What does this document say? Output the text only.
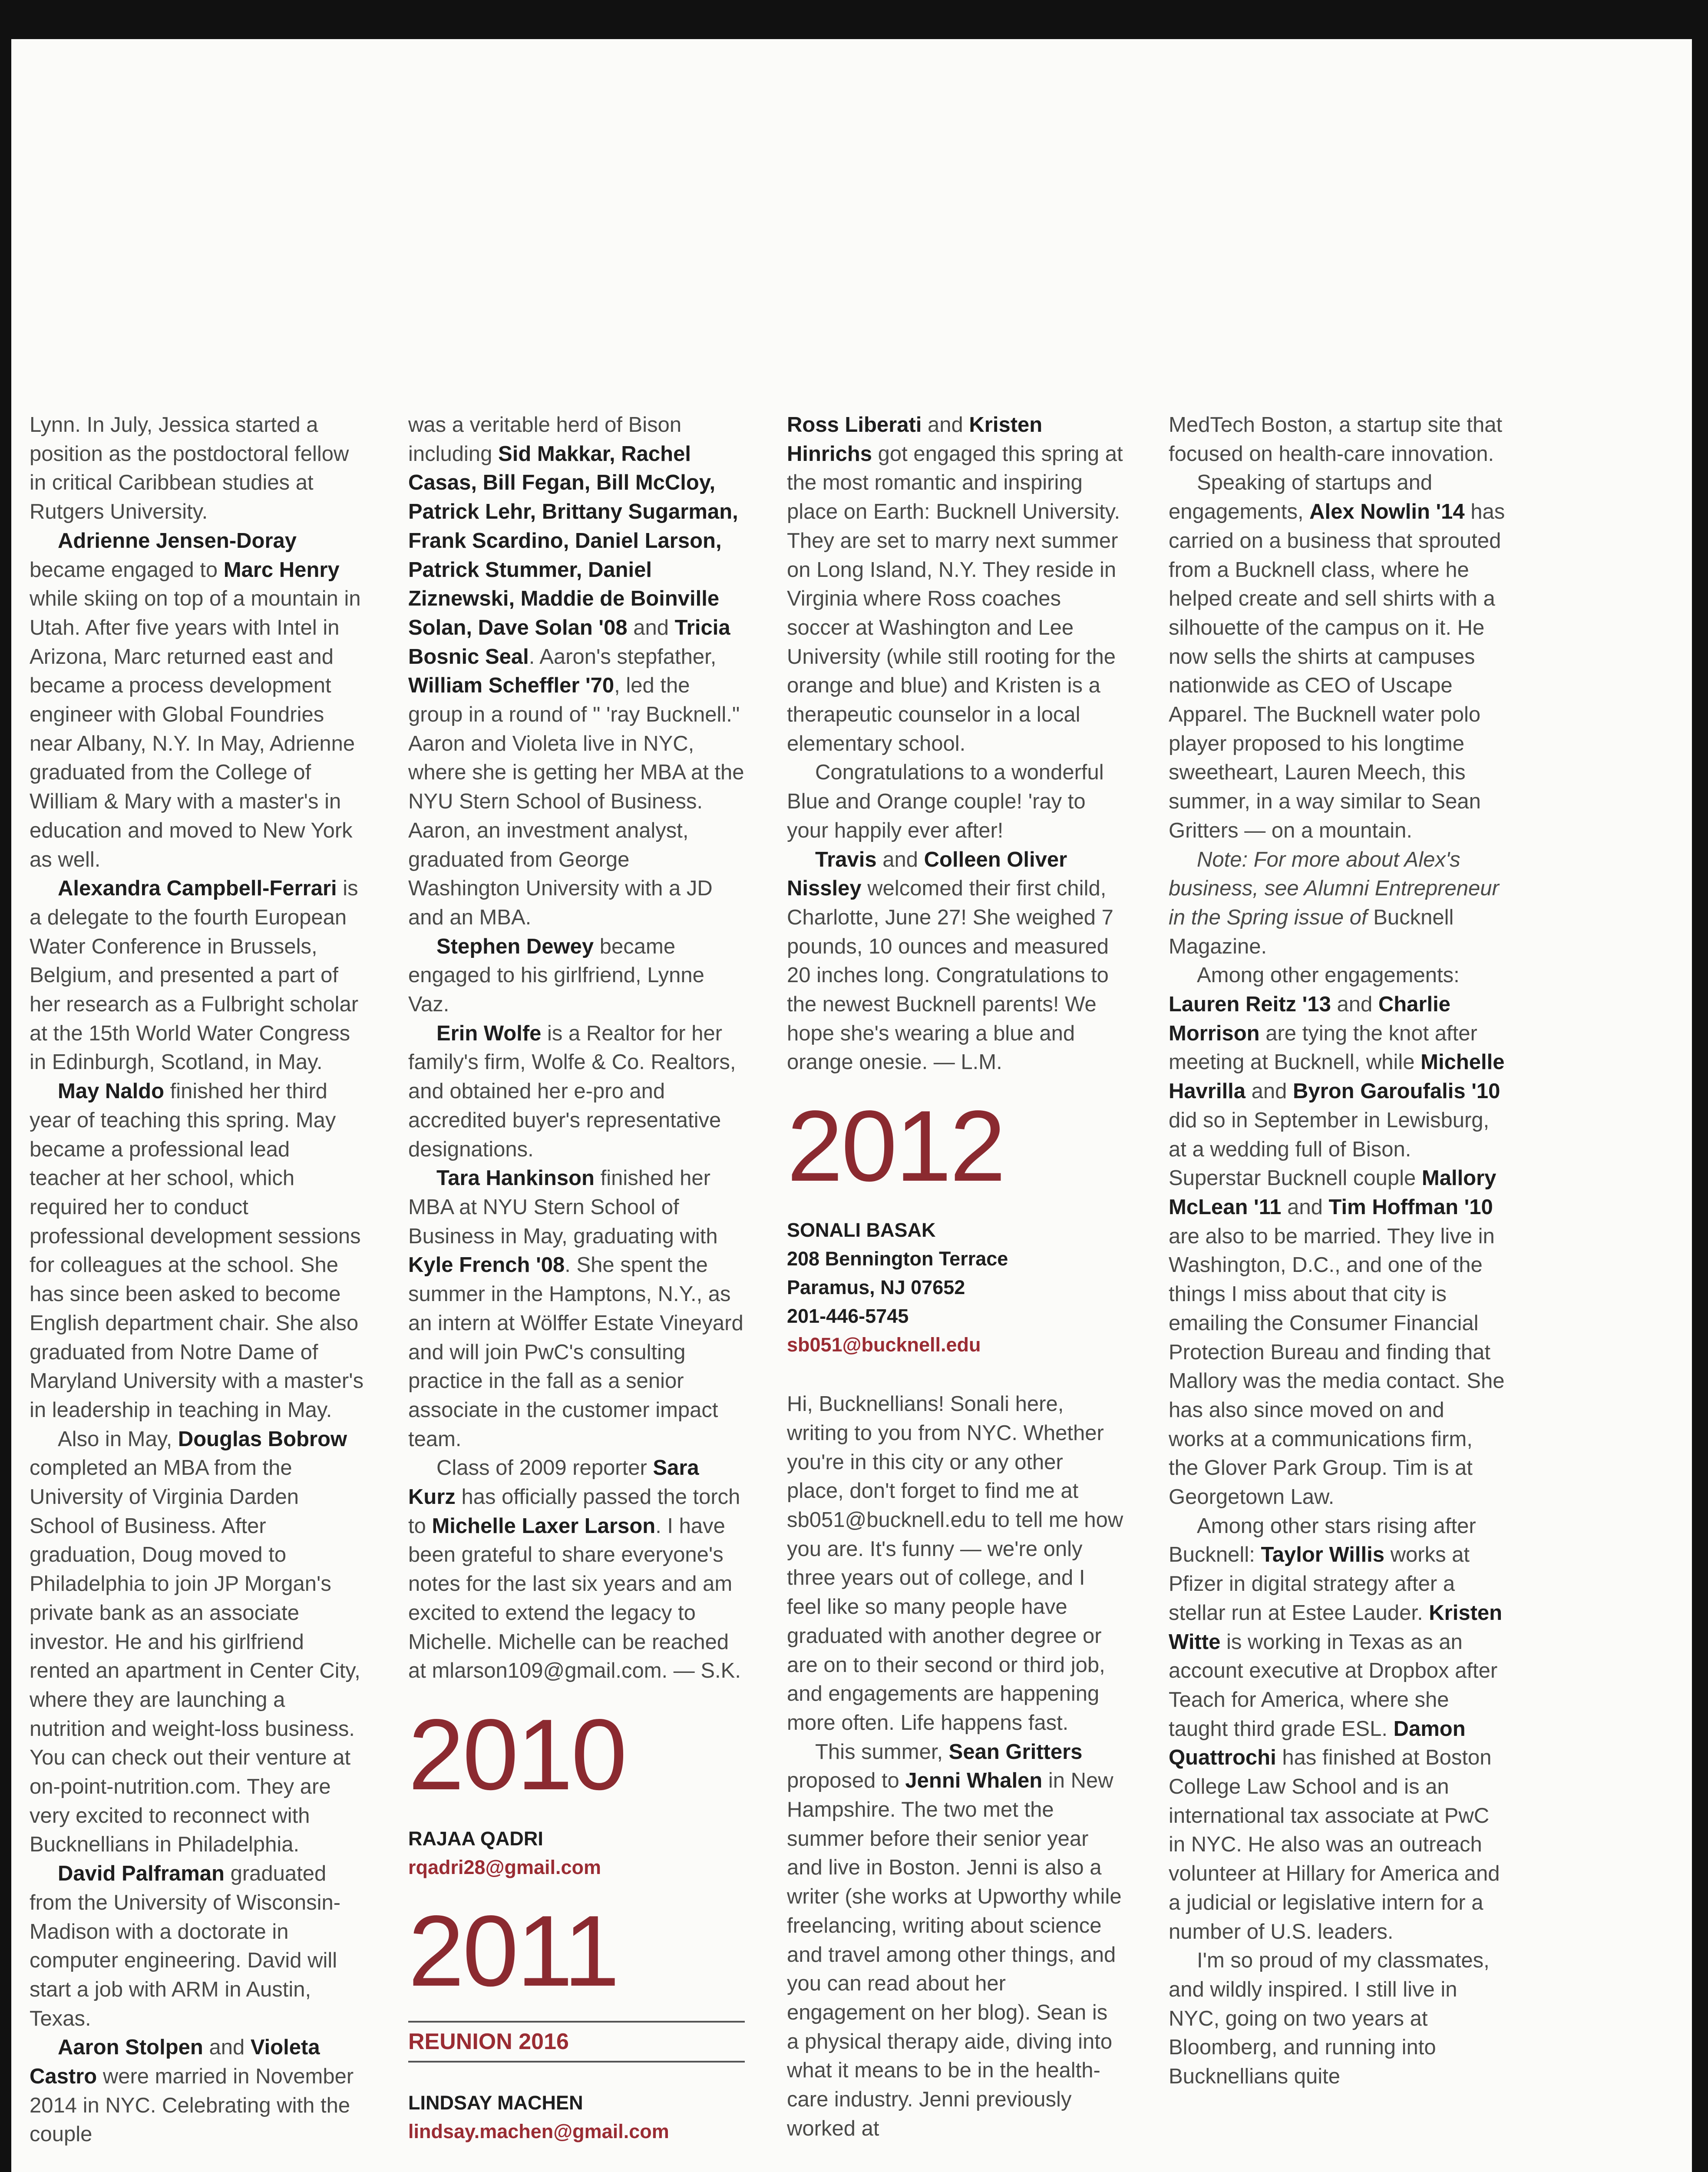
Lynn. In July, Jessica started a position as the postdoctoral fellow in critical Caribbean studies at Rutgers University.

Adrienne Jensen-Doray became engaged to Marc Henry while skiing on top of a mountain in Utah. After five years with Intel in Arizona, Marc returned east and became a process development engineer with Global Foundries near Albany, N.Y. In May, Adrienne graduated from the College of William & Mary with a master's in education and moved to New York as well.

Alexandra Campbell-Ferrari is a delegate to the fourth European Water Conference in Brussels, Belgium, and presented a part of her research as a Fulbright scholar at the 15th World Water Congress in Edinburgh, Scotland, in May.

May Naldo finished her third year of teaching this spring. May became a professional lead teacher at her school, which required her to conduct professional development sessions for colleagues at the school. She has since been asked to become English department chair. She also graduated from Notre Dame of Maryland University with a master's in leadership in teaching in May.

Also in May, Douglas Bobrow completed an MBA from the University of Virginia Darden School of Business. After graduation, Doug moved to Philadelphia to join JP Morgan's private bank as an associate investor. He and his girlfriend rented an apartment in Center City, where they are launching a nutrition and weight-loss business. You can check out their venture at on-point-nutrition.com. They are very excited to reconnect with Bucknellians in Philadelphia.

David Palframan graduated from the University of Wisconsin-Madison with a doctorate in computer engineering. David will start a job with ARM in Austin, Texas.

Aaron Stolpen and Violeta Castro were married in November 2014 in NYC. Celebrating with the couple

was a veritable herd of Bison including Sid Makkar, Rachel Casas, Bill Fegan, Bill McCloy, Patrick Lehr, Brittany Sugarman, Frank Scardino, Daniel Larson, Patrick Stummer, Daniel Ziznewski, Maddie de Boinville Solan, Dave Solan '08 and Tricia Bosnic Seal. Aaron's stepfather, William Scheffler '70, led the group in a round of " 'ray Bucknell." Aaron and Violeta live in NYC, where she is getting her MBA at the NYU Stern School of Business. Aaron, an investment analyst, graduated from George Washington University with a JD and an MBA.

Stephen Dewey became engaged to his girlfriend, Lynne Vaz.

Erin Wolfe is a Realtor for her family's firm, Wolfe & Co. Realtors, and obtained her e-pro and accredited buyer's representative designations.

Tara Hankinson finished her MBA at NYU Stern School of Business in May, graduating with Kyle French '08. She spent the summer in the Hamptons, N.Y., as an intern at Wölffer Estate Vineyard and will join PwC's consulting practice in the fall as a senior associate in the customer impact team.

Class of 2009 reporter Sara Kurz has officially passed the torch to Michelle Laxer Larson. I have been grateful to share everyone's notes for the last six years and am excited to extend the legacy to Michelle. Michelle can be reached at mlarson109@gmail.com. — S.K.

2010
RAJAA QADRI
rqadri28@gmail.com
2011
REUNION 2016
LINDSAY MACHEN
lindsay.machen@gmail.com

Ross Liberati and Kristen Hinrichs got engaged this spring at the most romantic and inspiring place on Earth: Bucknell University. They are set to marry next summer on Long Island, N.Y. They reside in Virginia where Ross coaches soccer at Washington and Lee University (while still rooting for the orange and blue) and Kristen is a therapeutic counselor in a local elementary school.

Congratulations to a wonderful Blue and Orange couple! 'ray to your happily ever after!

Travis and Colleen Oliver Nissley welcomed their first child, Charlotte, June 27! She weighed 7 pounds, 10 ounces and measured 20 inches long. Congratulations to the newest Bucknell parents! We hope she's wearing a blue and orange onesie. — L.M.

2012
SONALI BASAK
208 Bennington Terrace
Paramus, NJ 07652
201-446-5745
sb051@bucknell.edu

Hi, Bucknellians! Sonali here, writing to you from NYC. Whether you're in this city or any other place, don't forget to find me at sb051@bucknell.edu to tell me how you are. It's funny — we're only three years out of college, and I feel like so many people have graduated with another degree or are on to their second or third job, and engagements are happening more often. Life happens fast.

This summer, Sean Gritters proposed to Jenni Whalen in New Hampshire. The two met the summer before their senior year and live in Boston. Jenni is also a writer (she works at Upworthy while freelancing, writing about science and travel among other things, and you can read about her engagement on her blog). Sean is a physical therapy aide, diving into what it means to be in the health-care industry. Jenni previously worked at

MedTech Boston, a startup site that focused on health-care innovation.

Speaking of startups and engagements, Alex Nowlin '14 has carried on a business that sprouted from a Bucknell class, where he helped create and sell shirts with a silhouette of the campus on it. He now sells the shirts at campuses nationwide as CEO of Uscape Apparel. The Bucknell water polo player proposed to his longtime sweetheart, Lauren Meech, this summer, in a way similar to Sean Gritters — on a mountain.

Note: For more about Alex's business, see Alumni Entrepreneur in the Spring issue of Bucknell Magazine.

Among other engagements: Lauren Reitz '13 and Charlie Morrison are tying the knot after meeting at Bucknell, while Michelle Havrilla and Byron Garoufalis '10 did so in September in Lewisburg, at a wedding full of Bison. Superstar Bucknell couple Mallory McLean '11 and Tim Hoffman '10 are also to be married. They live in Washington, D.C., and one of the things I miss about that city is emailing the Consumer Financial Protection Bureau and finding that Mallory was the media contact. She has also since moved on and works at a communications firm, the Glover Park Group. Tim is at Georgetown Law.

Among other stars rising after Bucknell: Taylor Willis works at Pfizer in digital strategy after a stellar run at Estee Lauder. Kristen Witte is working in Texas as an account executive at Dropbox after Teach for America, where she taught third grade ESL. Damon Quattrochi has finished at Boston College Law School and is an international tax associate at PwC in NYC. He also was an outreach volunteer at Hillary for America and a judicial or legislative intern for a number of U.S. leaders.

I'm so proud of my classmates, and wildly inspired. I still live in NYC, going on two years at Bloomberg, and running into Bucknellians quite
